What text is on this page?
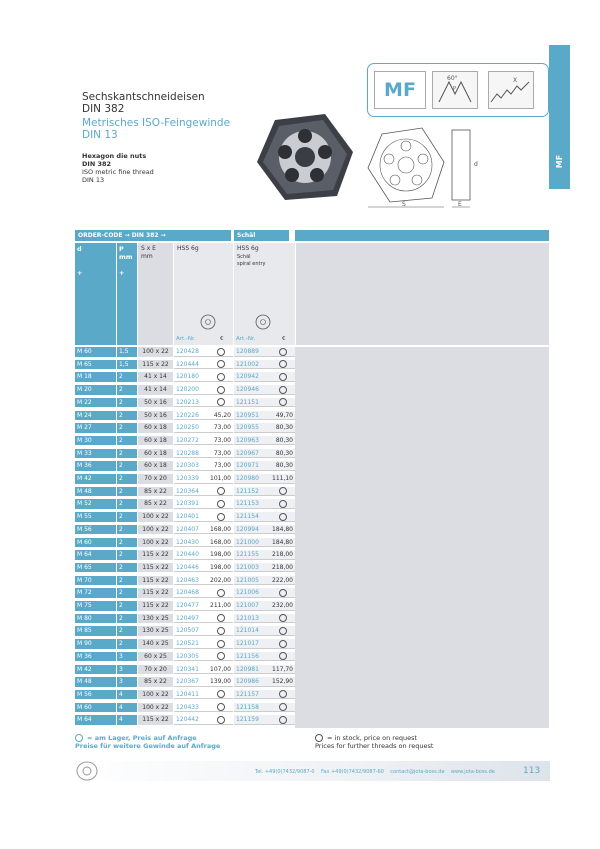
MF
Sechskantschneideisen
DIN 382
Metrisches ISO-Feingewinde
DIN 13
Hexagon die nuts
DIN 382
ISO metric fine thread
DIN 13
MF
60°
P
X
S	E
d
ORDER-CODE → DIN 382 →	Schäl
d
+
P
mm
+
S x E
mm
HSS 6g
Art.-Nr.	€
HSS 6g
Schäl
spiral entry
Art.-Nr.	€
M 60	1,5	100 x 22	120428	120889
M 65	1,5	115 x 22	120444	121002
M 18	2	41 x 14	120180	120942
M 20	2	41 x 14	120200	120946
M 22	2	50 x 16	120213	121151
M 24	2	50 x 16	120226	45,20 120951	49,70
M 27	2	60 x 18	120250	73,00 120955	80,30
M 30	2	60 x 18	120272	73,00 120963	80,30
M 33	2	60 x 18	120288	73,00 120967	80,30
M 36	2	60 x 18	120303	73,00 120971	80,30
M 42	2	70 x 20	120339	101,00 120980	111,10
M 48	2	85 x 22	120364	121152
M 52	2	85 x 22	120391	121153
M 55	2	100 x 22	120401	121154
M 56	2	100 x 22	120407	168,00 120994	184,80
M 60	2	100 x 22	120430	168,00 121000	184,80
M 64	2	115 x 22	120440	198,00 121155	218,00
M 65	2	115 x 22	120446	198,00 121003	218,00
M 70	2	115 x 22	120463	202,00 121005	222,00
M 72	2	115 x 22	120468	121006
M 75	2	115 x 22	120477	211,00 121007	232,00
M 80	2	130 x 25	120497	121013
M 85	2	130 x 25	120507	121014
M 90	2	140 x 25	120521	121017
M 36	3	60 x 25	120305	121156
M 42	3	70 x 20	120341	107,00 120981	117,70
M 48	3	85 x 22	120367	139,00 120986	152,90
M 56	4	100 x 22	120411	121157
M 60	4	100 x 22	120433	121158
M 64	4	115 x 22	120442	121159
= am Lager, Preis auf Anfrage
Preise für weitere Gewinde auf Anfrage
= in stock, price on request
Prices for further threads on request
Tel. +49(0)7432/9087-0    Fax +49(0)7432/9087-60    contact@jota-boss.de    www.jota-boss.de	113
